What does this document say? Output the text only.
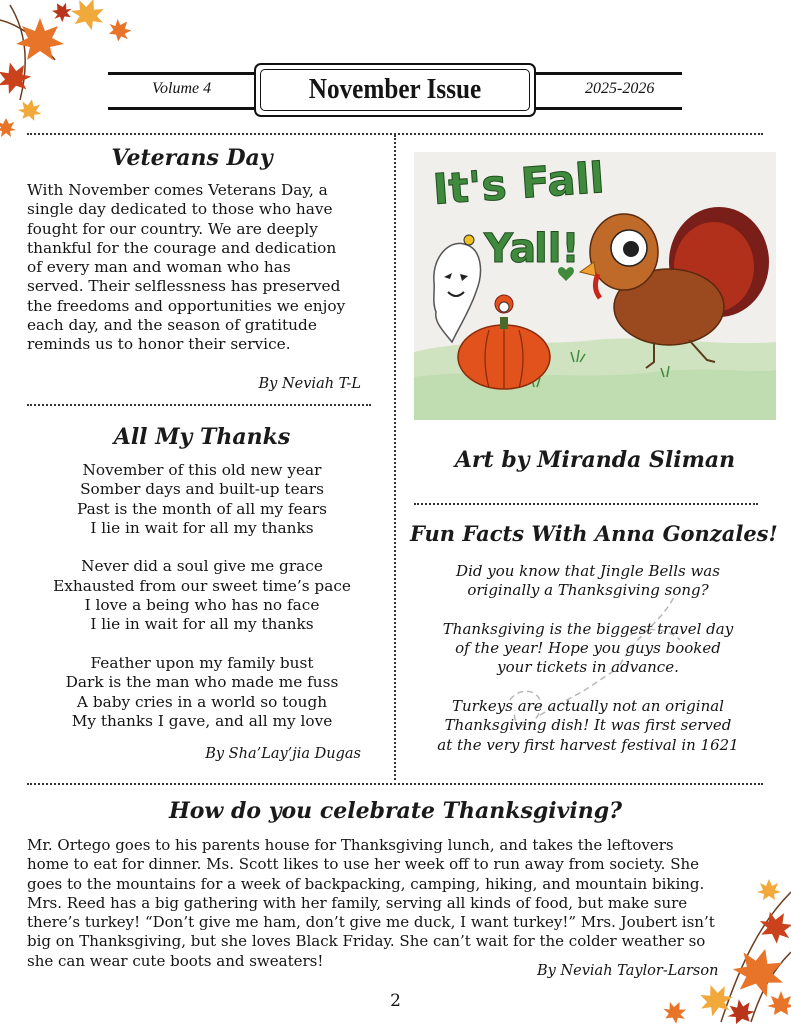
Volume 4	2025-2026
November Issue
Veterans Day
With November comes Veterans Day, a
single day dedicated to those who have
fought for our country. We are deeply
thankful for the courage and dedication
of every man and woman who has
served. Their selflessness has preserved
the freedoms and opportunities we enjoy
each day, and the season of gratitude
reminds us to honor their service.
By Neviah T-L
All My Thanks
November of this old new year
Somber days and built-up tears
Past is the month of all my fears
I lie in wait for all my thanks
Never did a soul give me grace
Exhausted from our sweet time’s pace
I love a being who has no face
I lie in wait for all my thanks
Feather upon my family bust
Dark is the man who made me fuss
A baby cries in a world so tough
My thanks I gave, and all my love
By Sha’Lay’jia Dugas
It's Fall
Ya
ll!
Art by Miranda Sliman
Fun Facts With Anna Gonzales!
Did you know that Jingle Bells was
originally a Thanksgiving song?
Thanksgiving is the biggest travel day
of the year! Hope you guys booked
your tickets in advance.
Turkeys are actually not an original
Thanksgiving dish! It was first served
at the very first harvest festival in 1621
How do you celebrate Thanksgiving?
Mr. Ortego goes to his parents house for Thanksgiving lunch, and takes the leftovers
home to eat for dinner. Ms. Scott likes to use her week off to run away from society. She
goes to the mountains for a week of backpacking, camping, hiking, and mountain biking.
Mrs. Reed has a big gathering with her family, serving all kinds of food, but make sure
there’s turkey! “Don’t give me ham, don’t give me duck, I want turkey!” Mrs. Joubert isn’t
big on Thanksgiving, but she loves Black Friday. She can’t wait for the colder weather so
she can wear cute boots and sweaters!
By Neviah Taylor-Larson
2
